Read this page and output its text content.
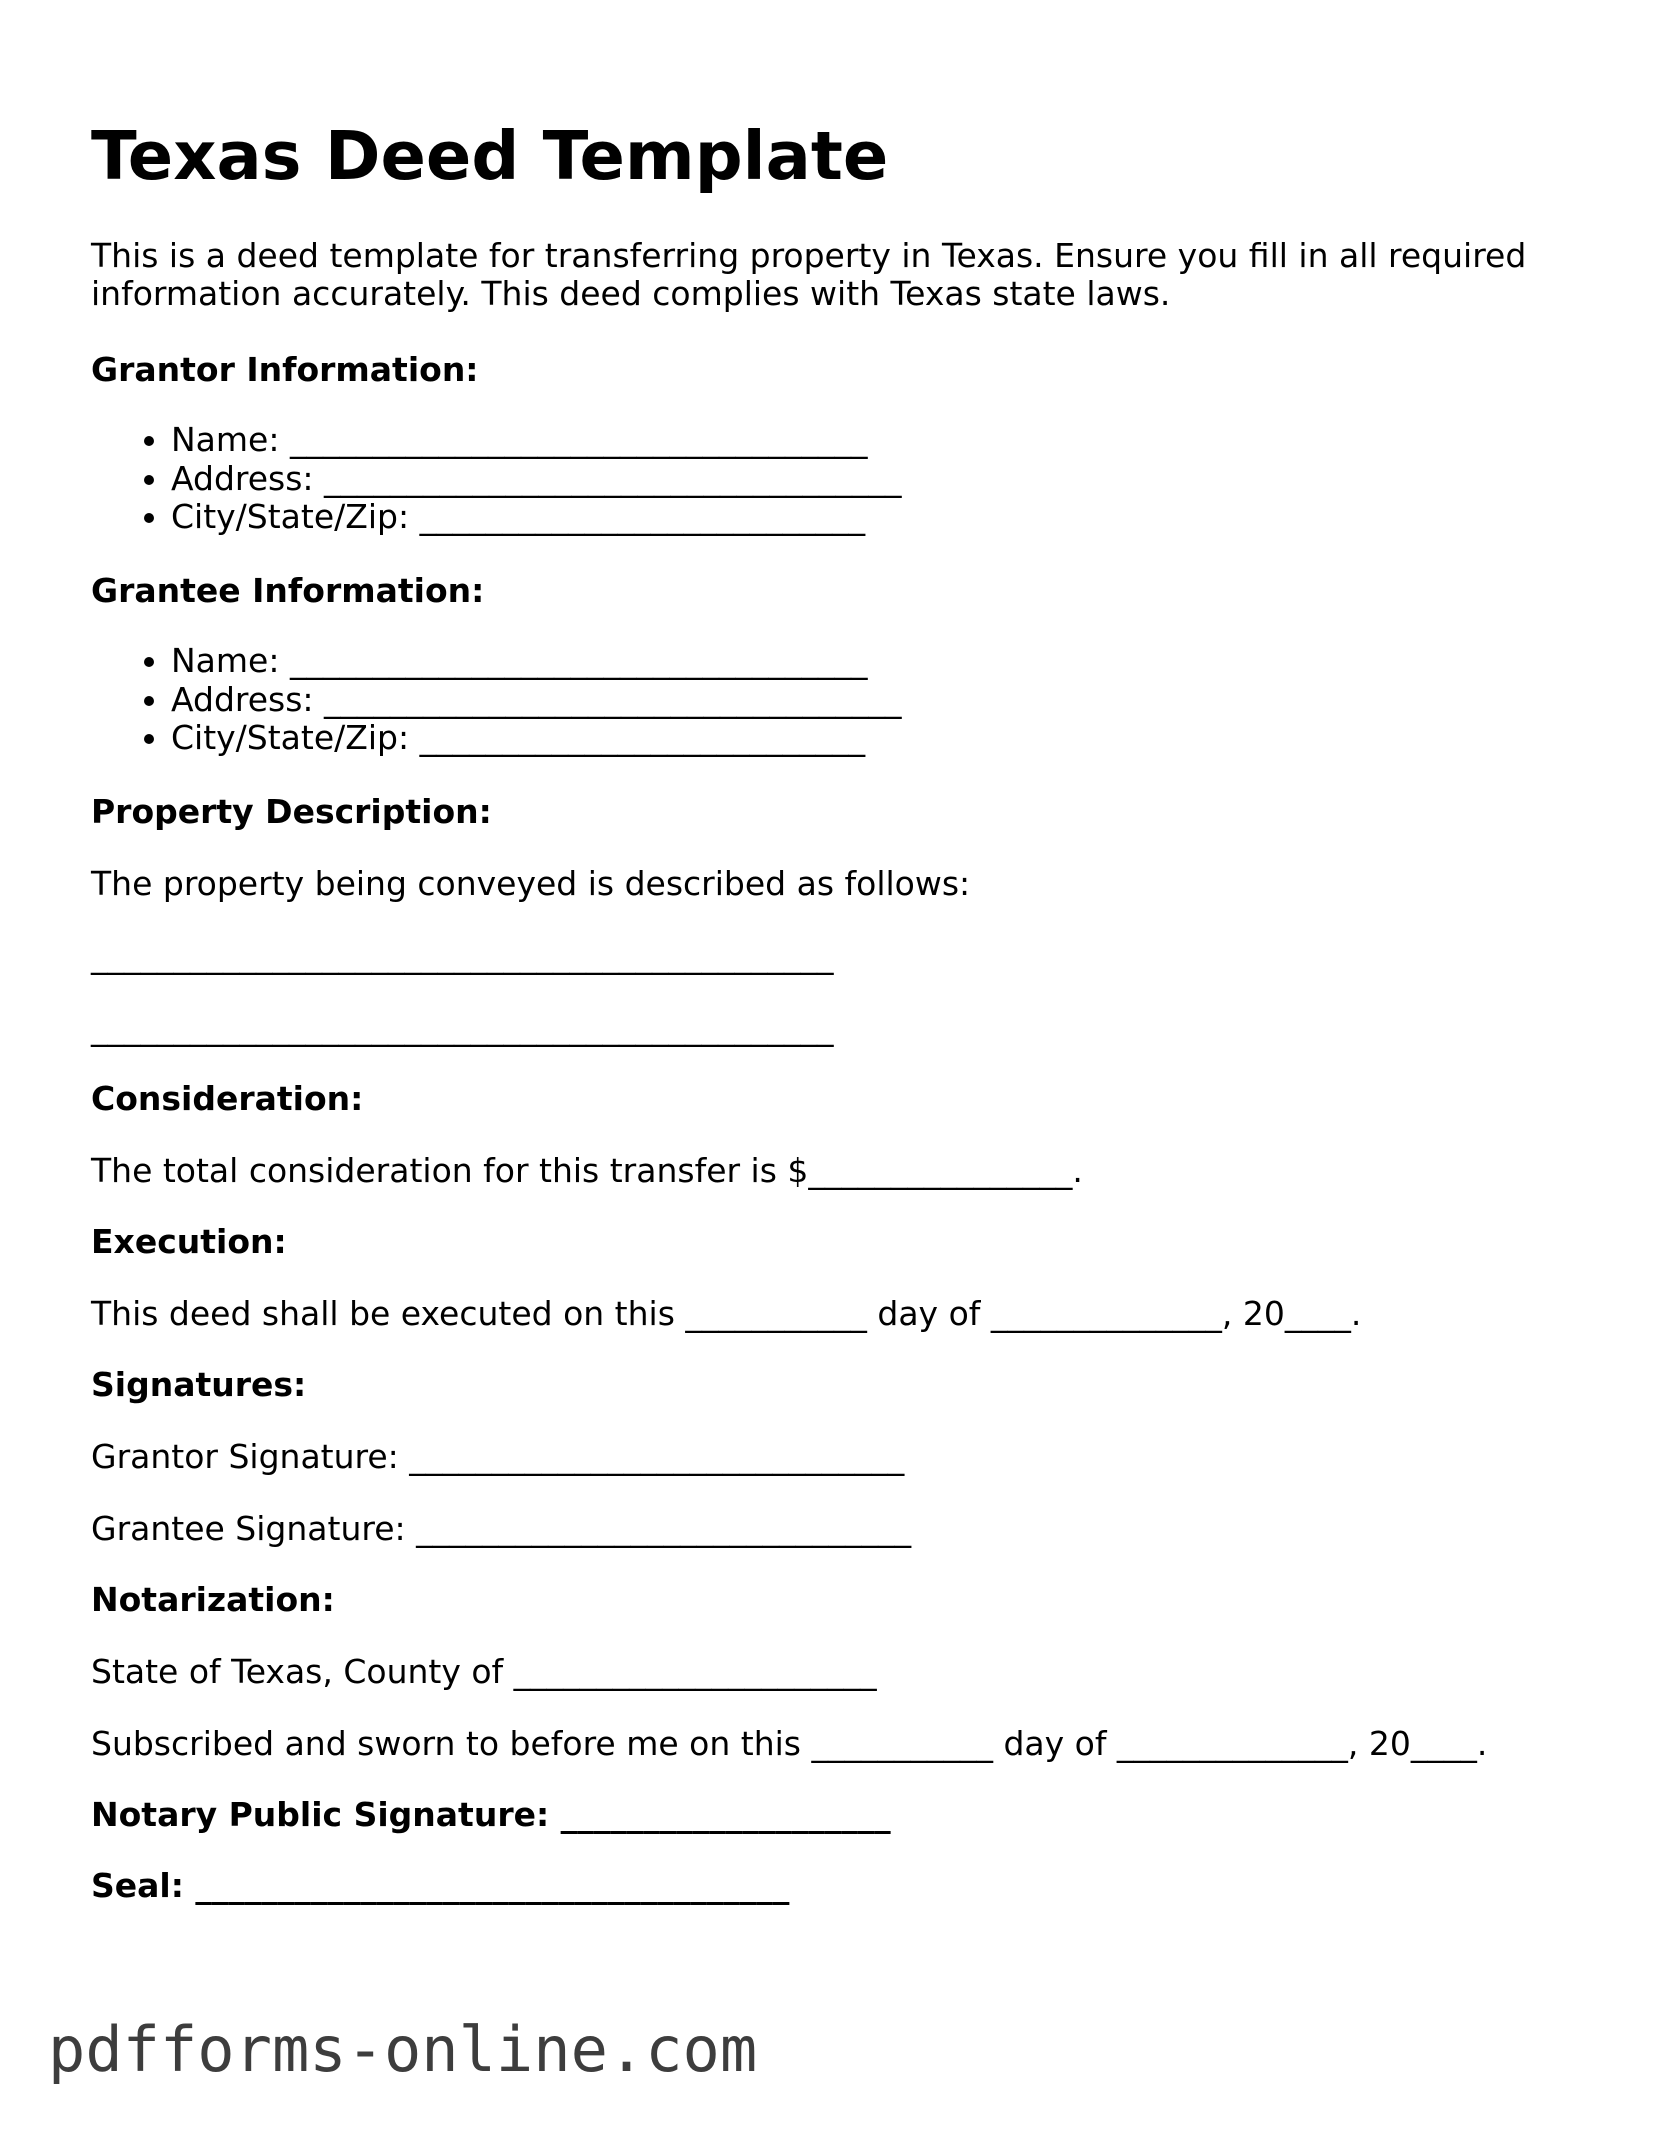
Texas Deed Template

This is a deed template for transferring property in Texas. Ensure you fill in all required information accurately. This deed complies with Texas state laws.

Grantor Information:

• Name: ___________________________________
• Address: ___________________________________
• City/State/Zip: ___________________________

Grantee Information:

• Name: ___________________________________
• Address: ___________________________________
• City/State/Zip: ___________________________

Property Description:

The property being conveyed is described as follows:

_____________________________________________

_____________________________________________

Consideration:

The total consideration for this transfer is $________________.

Execution:

This deed shall be executed on this ___________ day of ______________, 20____.

Signatures:

Grantor Signature: ______________________________

Grantee Signature: ______________________________

Notarization:

State of Texas, County of ______________________

Subscribed and sworn to before me on this ___________ day of ______________, 20____.

Notary Public Signature: ____________________

Seal: ____________________________________

pdfforms-online.com
